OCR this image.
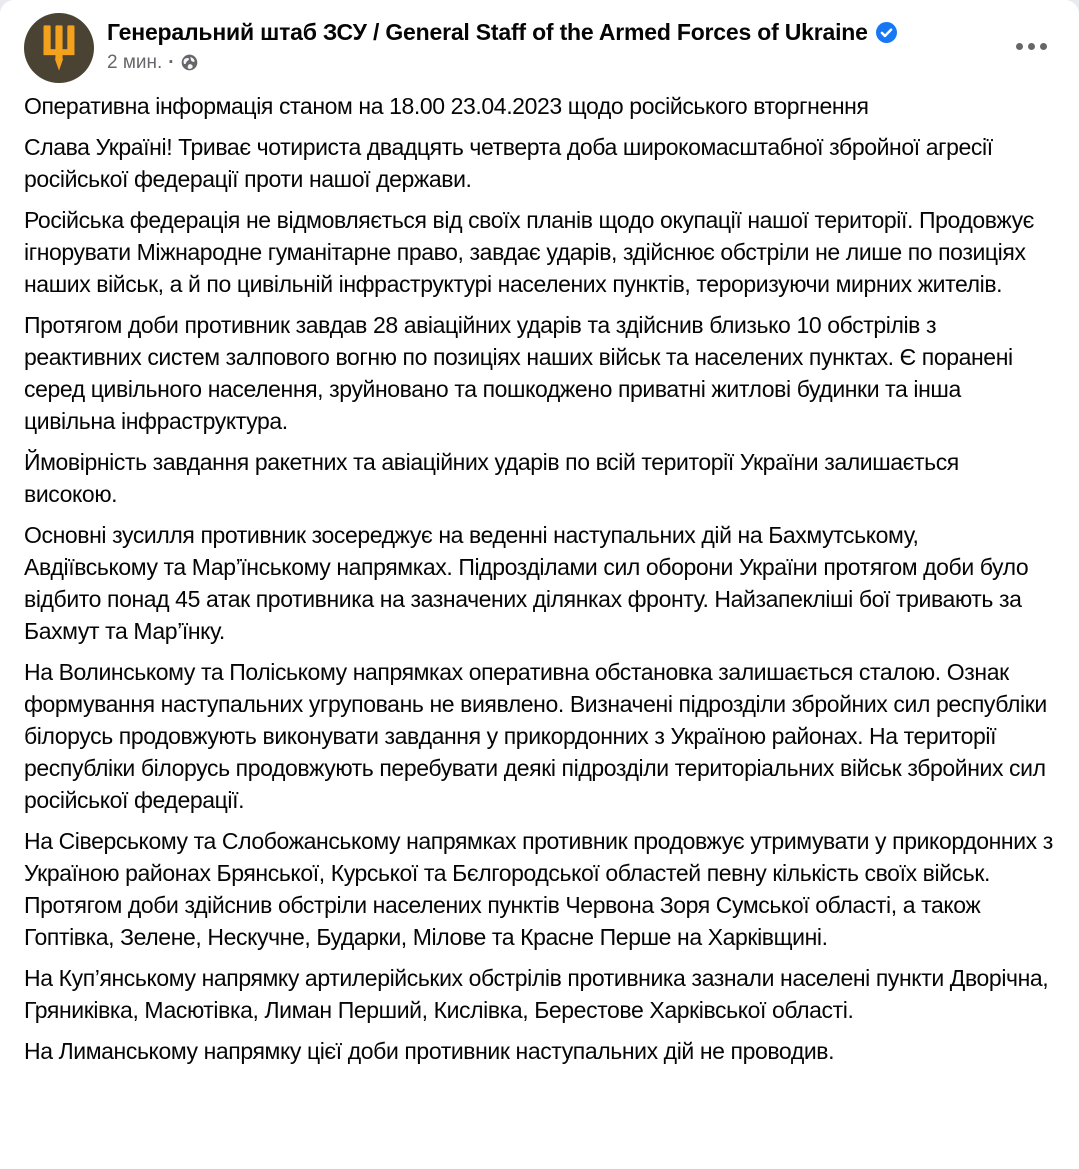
Генеральний штаб ЗСУ / General Staff of the Armed Forces of Ukraine
2 мин. ·

Оперативна інформація станом на 18.00 23.04.2023 щодо російського вторгнення

Слава Україні! Триває чотириста двадцять четверта доба широкомасштабної збройної агресії російської федерації проти нашої держави.

Російська федерація не відмовляється від своїх планів щодо окупації нашої території. Продовжує ігнорувати Міжнародне гуманітарне право, завдає ударів, здійснює обстріли не лише по позиціях наших військ, а й по цивільній інфраструктурі населених пунктів, тероризуючи мирних жителів.

Протягом доби противник завдав 28 авіаційних ударів та здійснив близько 10 обстрілів з реактивних систем залпового вогню по позиціях наших військ та населених пунктах. Є поранені серед цивільного населення, зруйновано та пошкоджено приватні житлові будинки та інша цивільна інфраструктура.

Ймовірність завдання ракетних та авіаційних ударів по всій території України залишається високою.

Основні зусилля противник зосереджує на веденні наступальних дій на Бахмутському, Авдіївському та Мар’їнському напрямках. Підрозділами сил оборони України протягом доби було відбито понад 45 атак противника на зазначених ділянках фронту. Найзапекліші бої тривають за Бахмут та Мар’їнку.

На Волинському та Поліському напрямках оперативна обстановка залишається сталою. Ознак формування наступальних угруповань не виявлено. Визначені підрозділи збройних сил республіки білорусь продовжують виконувати завдання у прикордонних з Україною районах. На території республіки білорусь продовжують перебувати деякі підрозділи територіальних військ збройних сил російської федерації.

На Сіверському та Слобожанському напрямках противник продовжує утримувати у прикордонних з Україною районах Брянської, Курської та Бєлгородської областей певну кількість своїх військ. Протягом доби здійснив обстріли населених пунктів Червона Зоря Сумської області, а також Гоптівка, Зелене, Нескучне, Бударки, Мілове та Красне Перше на Харківщині.

На Куп’янському напрямку артилерійських обстрілів противника зазнали населені пункти Дворічна, Гряниківка, Масютівка, Лиман Перший, Кислівка, Берестове Харківської області.

На Лиманському напрямку цієї доби противник наступальних дій не проводив.
